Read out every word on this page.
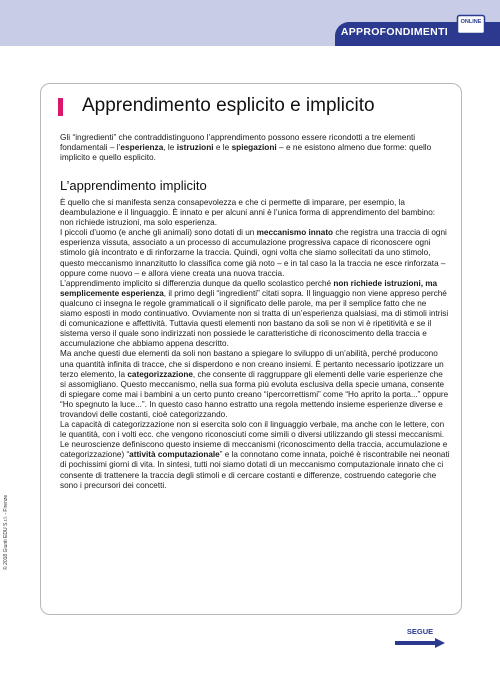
APPROFONDIMENTI
ONLINE
Apprendimento esplicito e implicito

Gli “ingredienti” che contraddistinguono l’apprendimento possono essere ricondotti a tre elementi fondamentali – l’esperienza, le istruzioni e le spiegazioni – e ne esistono almeno due forme: quello implicito e quello esplicito.

L’apprendimento implicito

È quello che si manifesta senza consapevolezza e che ci permette di imparare, per esempio, la deambulazione e il linguaggio. È innato e per alcuni anni è l’unica forma di apprendimento del bambino: non richiede istruzioni, ma solo esperienza.

I piccoli d’uomo (e anche gli animali) sono dotati di un meccanismo innato che registra una traccia di ogni esperienza vissuta, associato a un processo di accumulazione progressiva capace di riconoscere ogni stimolo già incontrato e di rinforzarne la traccia. Quindi, ogni volta che siamo sollecitati da uno stimolo, questo meccanismo innanzitutto lo classifica come già noto – e in tal caso la la traccia ne esce rinforzata – oppure come nuovo – e allora viene creata una nuova traccia.

L’apprendimento implicito si differenzia dunque da quello scolastico perché non richiede istruzioni, ma semplicemente esperienza, il primo degli “ingredienti” citati sopra. Il linguaggio non viene appreso perché qualcuno ci insegna le regole grammaticali o il significato delle parole, ma per il semplice fatto che ne siamo esposti in modo continuativo. Ovviamente non si tratta di un’esperienza qualsiasi, ma di stimoli intrisi di comunicazione e affettività. Tuttavia questi elementi non bastano da soli se non vi è ripetitività e se il sistema verso il quale sono indirizzati non possiede le caratteristiche di riconoscimento della traccia e accumulazione che abbiamo appena descritto.

Ma anche questi due elementi da soli non bastano a spiegare lo sviluppo di un’abilità, perché producono una quantità infinita di tracce, che si disperdono e non creano insiemi. È pertanto necessario ipotizzare un terzo elemento, la categorizzazione, che consente di raggruppare gli elementi delle varie esperienze che si assomigliano. Questo meccanismo, nella sua forma più evoluta esclusiva della specie umana, consente di spiegare come mai i bambini a un certo punto creano “ipercorrettismi” come “Ho aprito la porta...” oppure “Ho spegnuto la luce...”. In questo caso hanno estratto una regola mettendo insieme esperienze diverse e trovandovi delle costanti, cioè categorizzando.

La capacità di categorizzazione non si esercita solo con il linguaggio verbale, ma anche con le lettere, con le quantità, con i volti ecc. che vengono riconosciuti come simili o diversi utilizzando gli stessi meccanismi. Le neuroscienze definiscono questo insieme di meccanismi (riconoscimento della traccia, accumulazione e categorizzazione) “attività computazionale” e la connotano come innata, poiché è riscontrabile nei neonati di pochissimi giorni di vita. In sintesi, tutti noi siamo dotati di un meccanismo computazionale innato che ci consente di trattenere la traccia degli stimoli e di cercare costanti e differenze, costruendo categorie che sono i precursori dei concetti.

© 2018 Giunti EDU S.r.l. - Firenze
SEGUE
